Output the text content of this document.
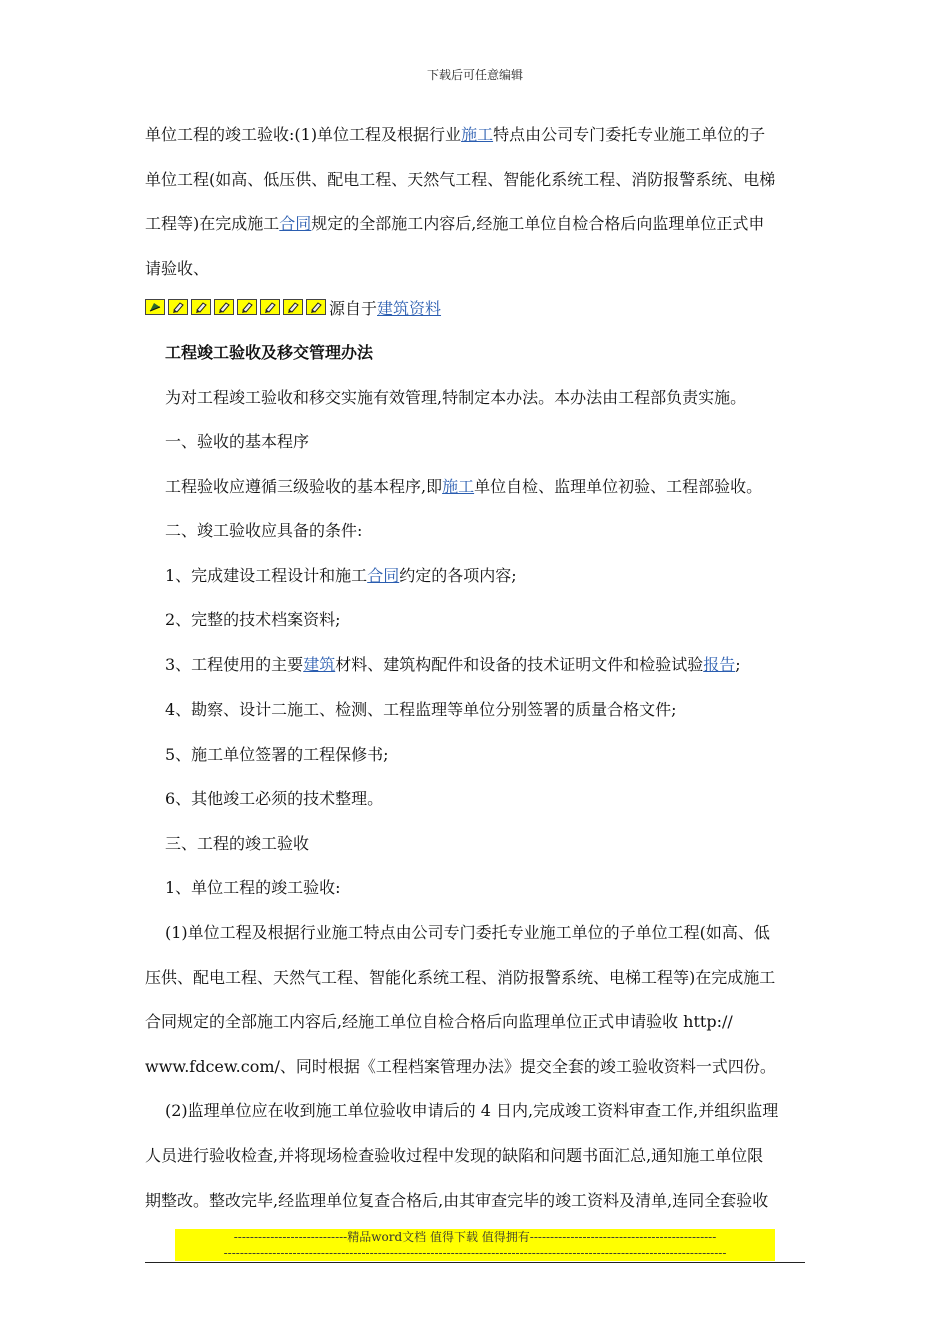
下载后可任意编辑

单位工程的竣工验收:(1)单位工程及根据行业施工特点由公司专门委托专业施工单位的子

单位工程(如高、低压供、配电工程、天然气工程、智能化系统工程、消防报警系统、电梯

工程等)在完成施工合同规定的全部施工内容后,经施工单位自检合格后向监理单位正式申

请验收、

源自于 建筑资料

工程竣工验收及移交管理办法

为对工程竣工验收和移交实施有效管理,特制定本办法。本办法由工程部负责实施。

一、验收的基本程序

工程验收应遵循三级验收的基本程序,即施工单位自检、监理单位初验、工程部验收。

二、竣工验收应具备的条件:

1、完成建设工程设计和施工合同约定的各项内容;

2、完整的技术档案资料;

3、工程使用的主要建筑材料、建筑构配件和设备的技术证明文件和检验试验报告;

4、勘察、设计二施工、检测、工程监理等单位分别签署的质量合格文件;

5、施工单位签署的工程保修书;

6、其他竣工必须的技术整理。

三、工程的竣工验收

1、单位工程的竣工验收:

(1)单位工程及根据行业施工特点由公司专门委托专业施工单位的子单位工程(如高、低

压供、配电工程、天然气工程、智能化系统工程、消防报警系统、电梯工程等)在完成施工

合同规定的全部施工内容后,经施工单位自检合格后向监理单位正式申请验收 http://

www.fdcew.com/、同时根据《工程档案管理办法》提交全套的竣工验收资料一式四份。

(2)监理单位应在收到施工单位验收申请后的 4 日内,完成竣工资料审查工作,并组织监理

人员进行验收检查,并将现场检查验收过程中发现的缺陷和问题书面汇总,通知施工单位限

期整改。整改完毕,经监理单位复查合格后,由其审查完毕的竣工资料及清单,连同全套验收

----------------------------精品word文档 值得下载 值得拥有----------------------------------------------
----------------------------------------------------------------------------------------------------------------------------
